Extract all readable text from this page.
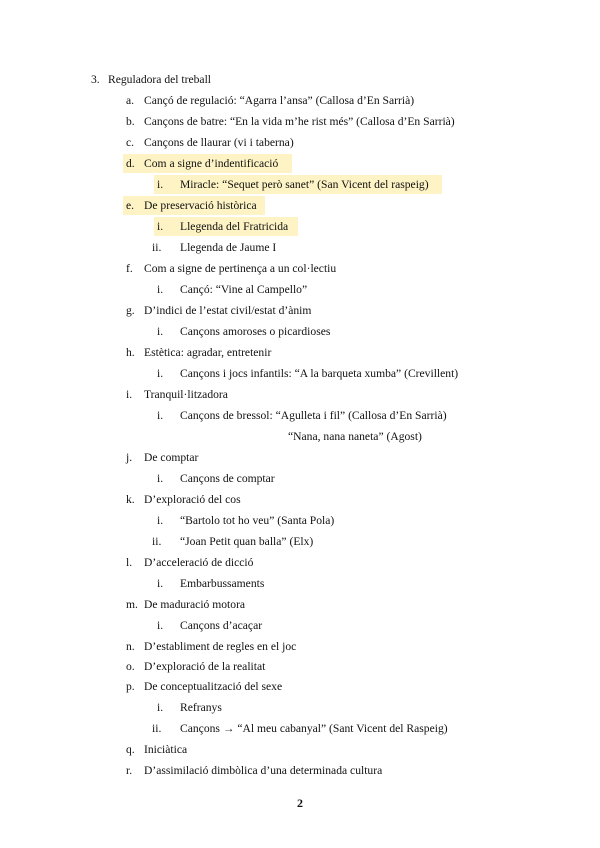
3. Reguladora del treball
a. Cançó de regulació: “Agarra l’ansa” (Callosa d’En Sarrià)
b. Cançons de batre: “En la vida m’he rist més” (Callosa d’En Sarrià)
c. Cançons de llaurar (vi i taberna)
d. Com a signe d’indentificació
i. Miracle: “Sequet però sanet” (San Vicent del raspeig)
e. De preservació històrica
i. Llegenda del Fratricida
ii. Llegenda de Jaume I
f. Com a signe de pertinença a un col·lectiu
i. Cançó: “Vine al Campello”
g. D’indici de l’estat civil/estat d’ànim
i. Cançons amoroses o picardioses
h. Estètica: agradar, entretenir
i. Cançons i jocs infantils: “A la barqueta xumba” (Crevillent)
i. Tranquil·litzadora
i. Cançons de bressol: “Agulleta i fil” (Callosa d’En Sarrià)
“Nana, nana naneta” (Agost)
j. De comptar
i. Cançons de comptar
k. D’exploració del cos
i. “Bartolo tot ho veu” (Santa Pola)
ii. “Joan Petit quan balla” (Elx)
l. D’acceleració de dicció
i. Embarbussaments
m. De maduració motora
i. Cançons d’acaçar
n. D’establiment de regles en el joc
o. D’exploració de la realitat
p. De conceptualització del sexe
i. Refranys
ii. Cançons → “Al meu cabanyal” (Sant Vicent del Raspeig)
q. Iniciàtica
r. D’assimilació dimbòlica d’una determinada cultura
2
